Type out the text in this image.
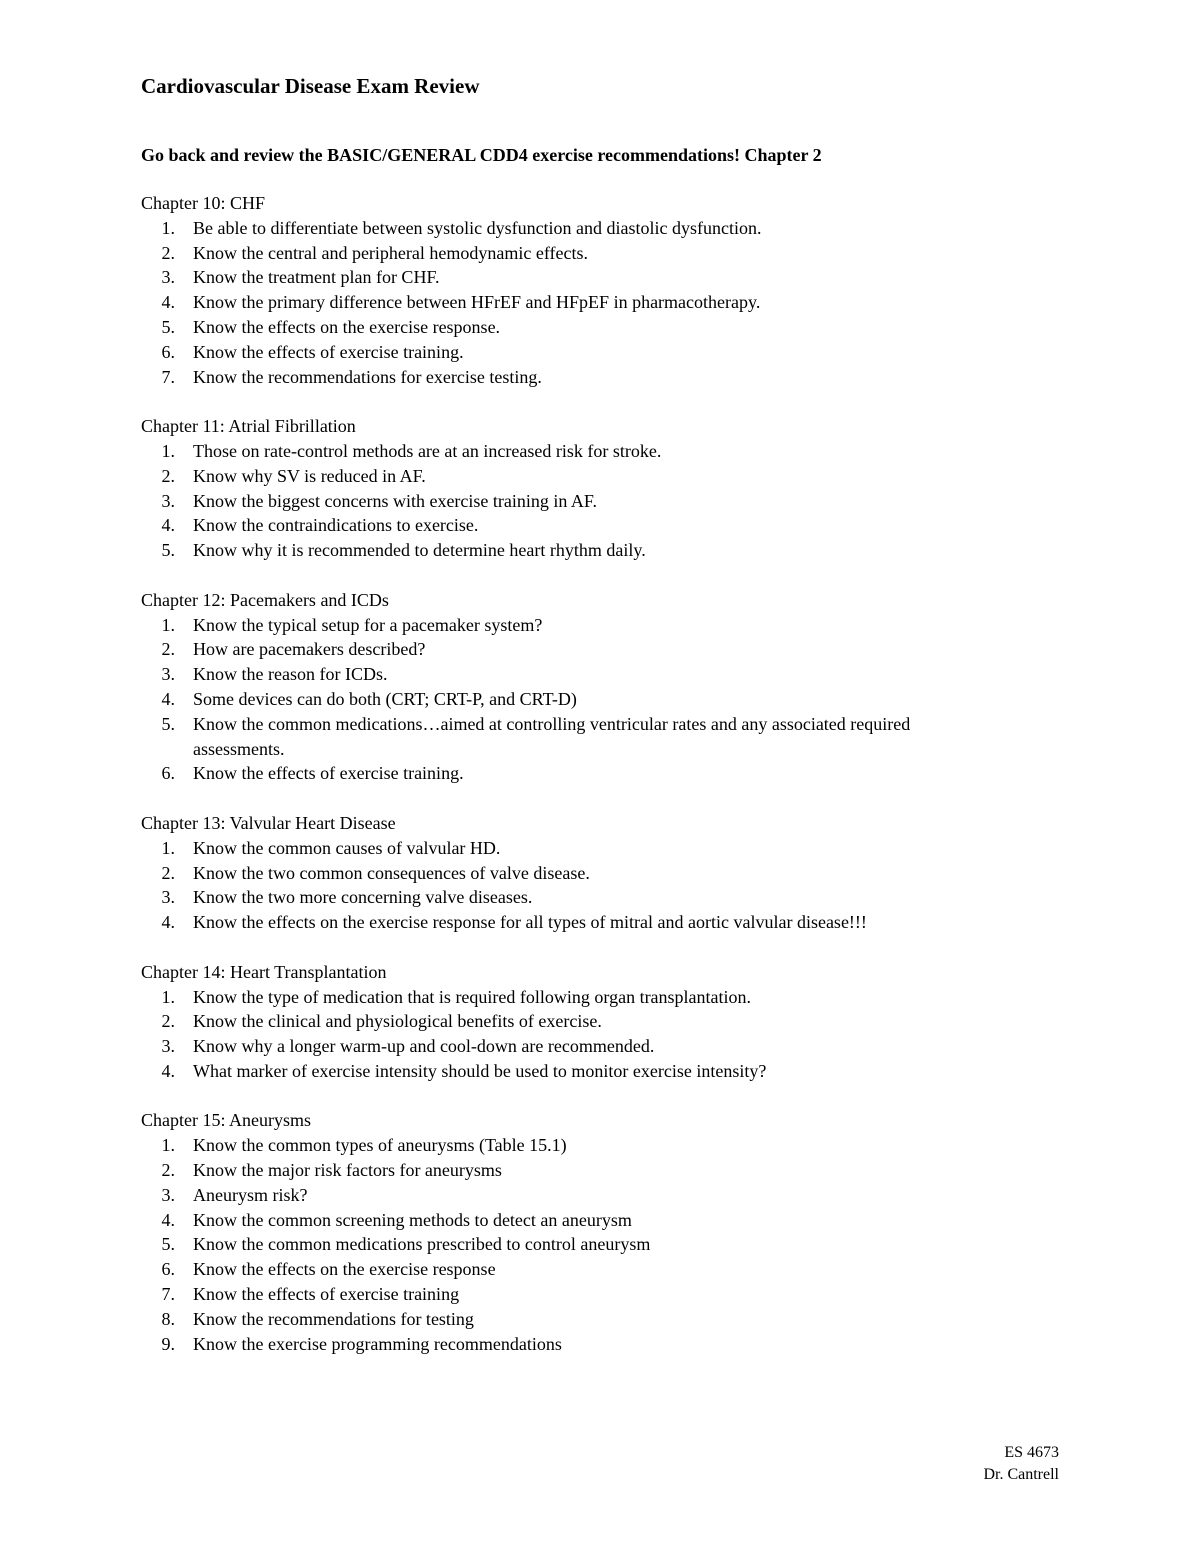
Cardiovascular Disease Exam Review
Go back and review the BASIC/GENERAL CDD4 exercise recommendations! Chapter 2
Chapter 10: CHF
1.	Be able to differentiate between systolic dysfunction and diastolic dysfunction.
2.	Know the central and peripheral hemodynamic effects.
3.	Know the treatment plan for CHF.
4.	Know the primary difference between HFrEF and HFpEF in pharmacotherapy.
5.	Know the effects on the exercise response.
6.	Know the effects of exercise training.
7.	Know the recommendations for exercise testing.
Chapter 11: Atrial Fibrillation
1.	Those on rate-control methods are at an increased risk for stroke.
2.	Know why SV is reduced in AF.
3.	Know the biggest concerns with exercise training in AF.
4.	Know the contraindications to exercise.
5.	Know why it is recommended to determine heart rhythm daily.
Chapter 12: Pacemakers and ICDs
1.	Know the typical setup for a pacemaker system?
2.	How are pacemakers described?
3.	Know the reason for ICDs.
4.	Some devices can do both (CRT; CRT-P, and CRT-D)
5.	Know the common medications…aimed at controlling ventricular rates and any associated required assessments.
6.	Know the effects of exercise training.
Chapter 13: Valvular Heart Disease
1.	Know the common causes of valvular HD.
2.	Know the two common consequences of valve disease.
3.	Know the two more concerning valve diseases.
4.	Know the effects on the exercise response for all types of mitral and aortic valvular disease!!!
Chapter 14: Heart Transplantation
1.	Know the type of medication that is required following organ transplantation.
2.	Know the clinical and physiological benefits of exercise.
3.	Know why a longer warm-up and cool-down are recommended.
4.	What marker of exercise intensity should be used to monitor exercise intensity?
Chapter 15: Aneurysms
1.	Know the common types of aneurysms (Table 15.1)
2.	Know the major risk factors for aneurysms
3.	Aneurysm risk?
4.	Know the common screening methods to detect an aneurysm
5.	Know the common medications prescribed to control aneurysm
6.	Know the effects on the exercise response
7.	Know the effects of exercise training
8.	Know the recommendations for testing
9.	Know the exercise programming recommendations
ES 4673
Dr. Cantrell
